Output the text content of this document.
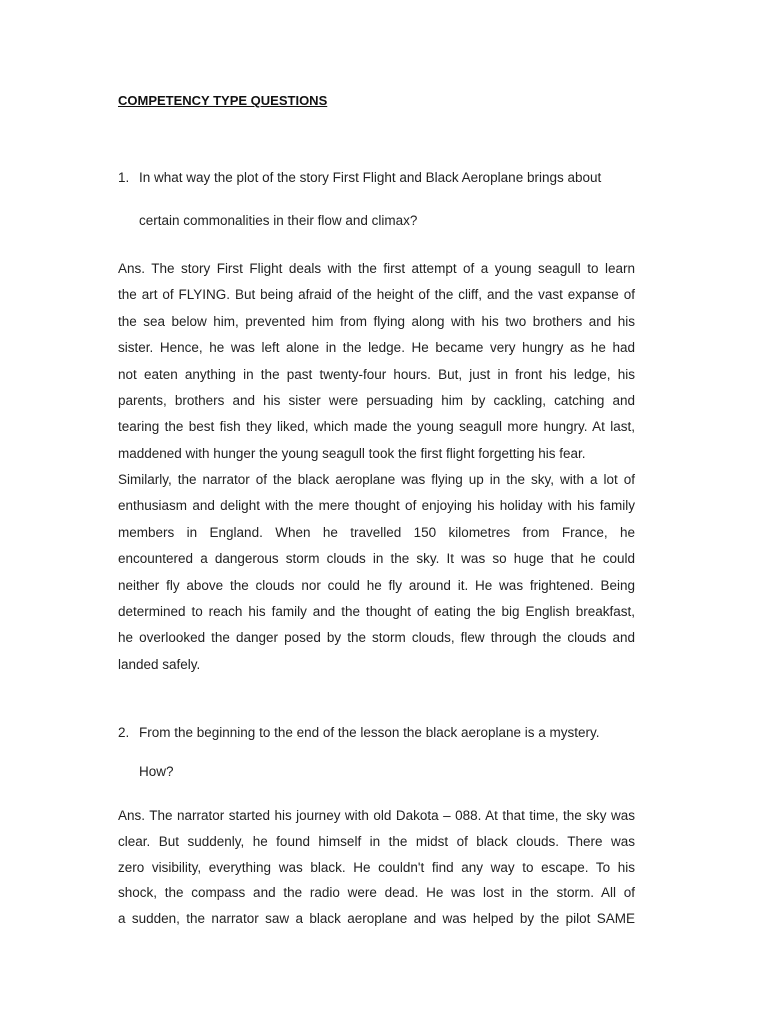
COMPETENCY TYPE QUESTIONS
1. In what way the plot of the story First Flight and Black Aeroplane brings about
certain commonalities in their flow and climax?
Ans. The story First Flight deals with the first attempt of a young seagull to learn
the art of FLYING. But being afraid of the height of the cliff, and the vast expanse of
the sea below him, prevented him from flying along with his two brothers and his
sister. Hence, he was left alone in the ledge. He became very hungry as he had
not eaten anything in the past twenty-four hours. But, just in front his ledge, his
parents, brothers and his sister were persuading him by cackling, catching and
tearing the best fish they liked, which made the young seagull more hungry. At last,
maddened with hunger the young seagull took the first flight forgetting his fear.
Similarly, the narrator of the black aeroplane was flying up in the sky, with a lot of
enthusiasm and delight with the mere thought of enjoying his holiday with his family
members in England. When he travelled 150 kilometres from France, he
encountered a dangerous storm clouds in the sky. It was so huge that he could
neither fly above the clouds nor could he fly around it. He was frightened. Being
determined to reach his family and the thought of eating the big English breakfast,
he overlooked the danger posed by the storm clouds, flew through the clouds and
landed safely.
2. From the beginning to the end of the lesson the black aeroplane is a mystery.
How?
Ans. The narrator started his journey with old Dakota – 088. At that time, the sky was
clear. But suddenly, he found himself in the midst of black clouds. There was
zero visibility, everything was black. He couldn't find any way to escape. To his
shock, the compass and the radio were dead. He was lost in the storm. All of
a sudden, the narrator saw a black aeroplane and was helped by the pilot SAME
